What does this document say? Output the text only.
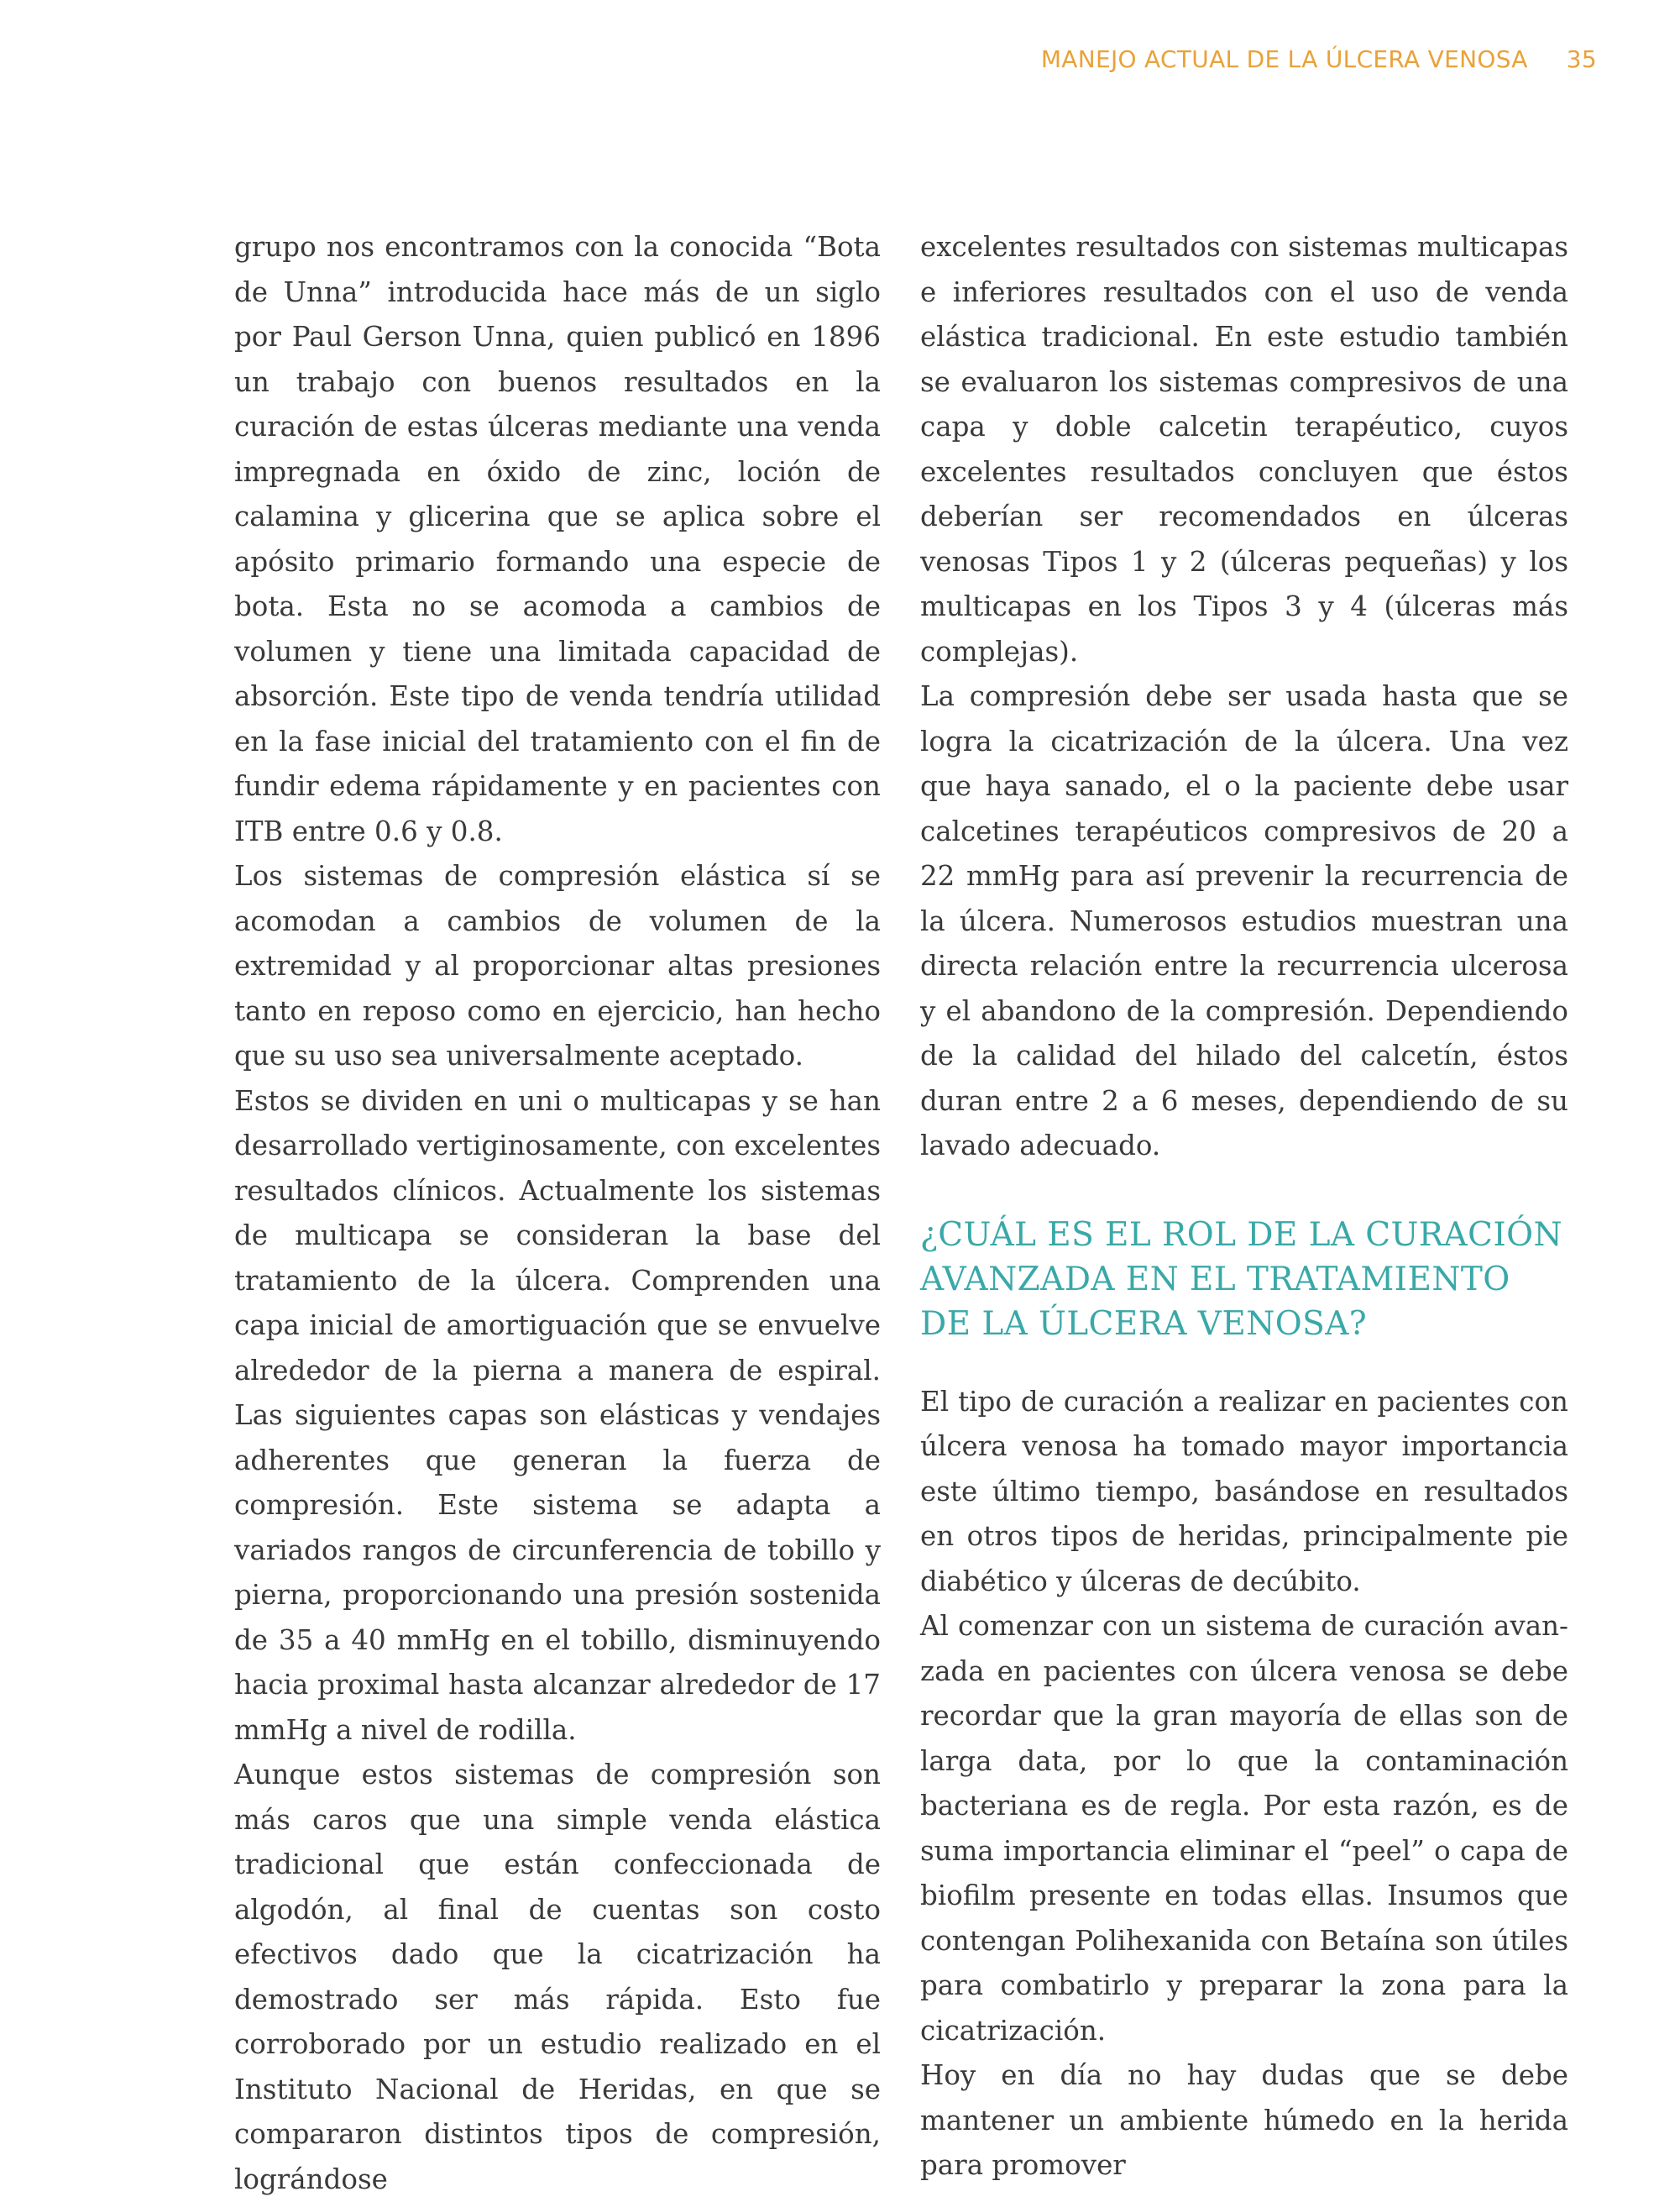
MANEJO ACTUAL DE LA ÚLCERA VENOSA 35

grupo nos encontramos con la conocida “Bota de Unna” introducida hace más de un siglo por Paul Gerson Unna, quien publicó en 1896 un trabajo con buenos resultados en la curación de estas úlceras mediante una venda impregnada en óxido de zinc, loción de calamina y glicerina que se aplica sobre el apósito primario formando una especie de bota. Esta no se acomoda a cambios de volumen y tiene una limitada capacidad de absorción. Este tipo de venda tendría utilidad en la fase inicial del tratamiento con el fin de fundir edema rápidamente y en pacientes con ITB entre 0.6 y 0.8.

Los sistemas de compresión elástica sí se acomodan a cambios de volumen de la extremidad y al proporcionar altas presiones tanto en reposo como en ejercicio, han hecho que su uso sea universalmente aceptado.

Estos se dividen en uni o multicapas y se han desarrollado vertiginosamente, con excelentes resultados clínicos. Actualmente los sistemas de multicapa se consideran la base del tratamiento de la úlcera. Comprenden una capa inicial de amortiguación que se envuelve alrededor de la pierna a manera de espiral. Las siguientes capas son elásticas y vendajes adherentes que generan la fuerza de compresión. Este sistema se adapta a variados rangos de circunferencia de tobillo y pierna, proporcionando una presión sostenida de 35 a 40 mmHg en el tobillo, disminuyendo hacia proximal hasta alcanzar alrededor de 17 mmHg a nivel de rodilla.

Aunque estos sistemas de compresión son más caros que una simple venda elástica tradicional que están confeccionada de algodón, al final de cuentas son costo efectivos dado que la cicatrización ha demostrado ser más rápida. Esto fue corroborado por un estudio realizado en el Instituto Nacional de Heridas, en que se compararon distintos tipos de compresión, lográndose

excelentes resultados con sistemas multicapas e inferiores resultados con el uso de venda elástica tradicional. En este estudio también se evaluaron los sistemas compresivos de una capa y doble calcetin terapéutico, cuyos excelentes resultados concluyen que éstos deberían ser recomendados en úlceras venosas Tipos 1 y 2 (úlceras pequeñas) y los multicapas en los Tipos 3 y 4 (úlceras más complejas).

La compresión debe ser usada hasta que se logra la cicatrización de la úlcera. Una vez que haya sanado, el o la paciente debe usar calcetines terapéuticos compresivos de 20 a 22 mmHg para así prevenir la recurrencia de la úlcera. Numerosos estudios muestran una directa relación entre la recurrencia ulcerosa y el abandono de la compresión. Dependiendo de la calidad del hilado del calcetín, éstos duran entre 2 a 6 meses, dependiendo de su lavado adecuado.

¿CUÁL ES EL ROL DE LA CURACIÓN AVANZADA EN EL TRATAMIENTO DE LA ÚLCERA VENOSA?

El tipo de curación a realizar en pacientes con úlcera venosa ha tomado mayor importancia este último tiempo, basándose en resultados en otros tipos de heridas, principalmente pie diabético y úlceras de decúbito.

Al comenzar con un sistema de curación avanzada en pacientes con úlcera venosa se debe recordar que la gran mayoría de ellas son de larga data, por lo que la contaminación bacteriana es de regla. Por esta razón, es de suma importancia eliminar el “peel” o capa de biofilm presente en todas ellas. Insumos que contengan Polihexanida con Betaína son útiles para combatirlo y preparar la zona para la cicatrización.

Hoy en día no hay dudas que se debe mantener un ambiente húmedo en la herida para promover
